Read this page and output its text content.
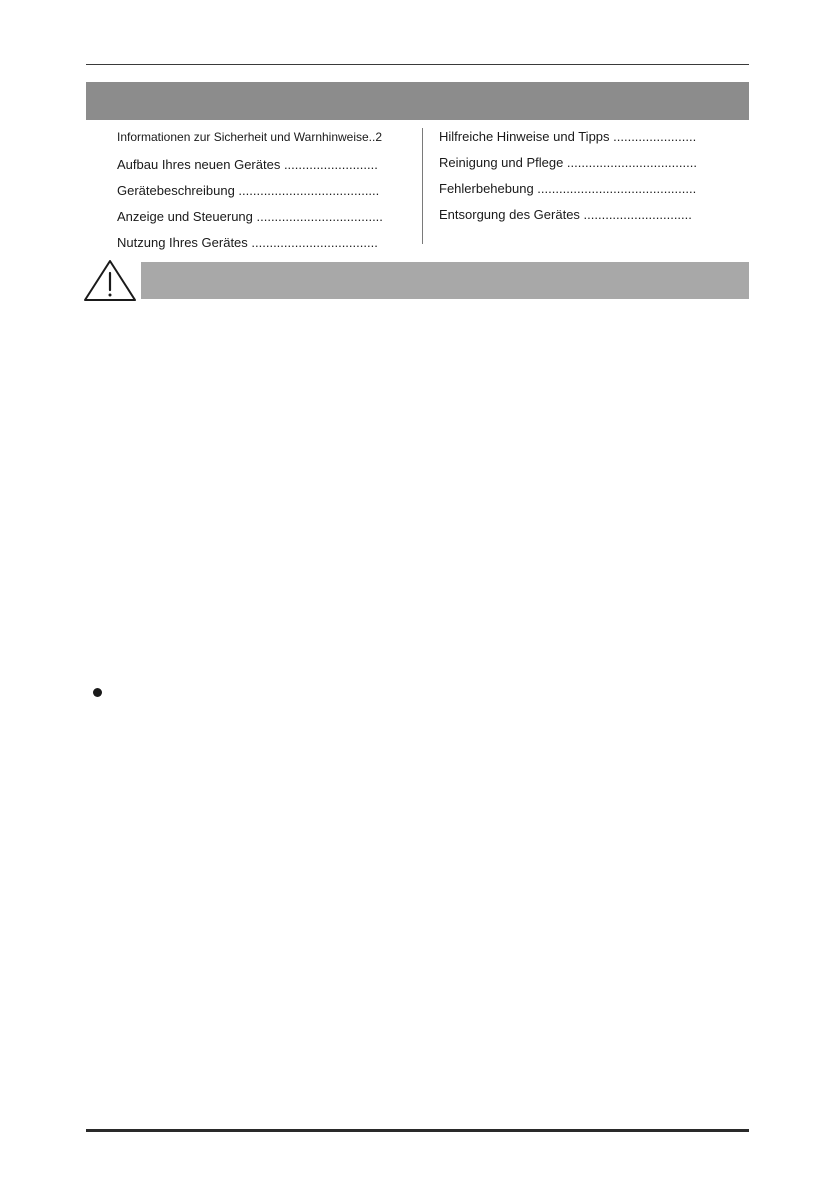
Informationen zur Sicherheit und Warnhinweise..2
Aufbau Ihres neuen Gerätes ..........................
Gerätebeschreibung .......................................
Anzeige und Steuerung ...................................
Nutzung Ihres Gerätes ...................................
Hilfreiche Hinweise und Tipps .......................
Reinigung und Pflege ....................................
Fehlerbehebung ............................................
Entsorgung des Gerätes ..............................
